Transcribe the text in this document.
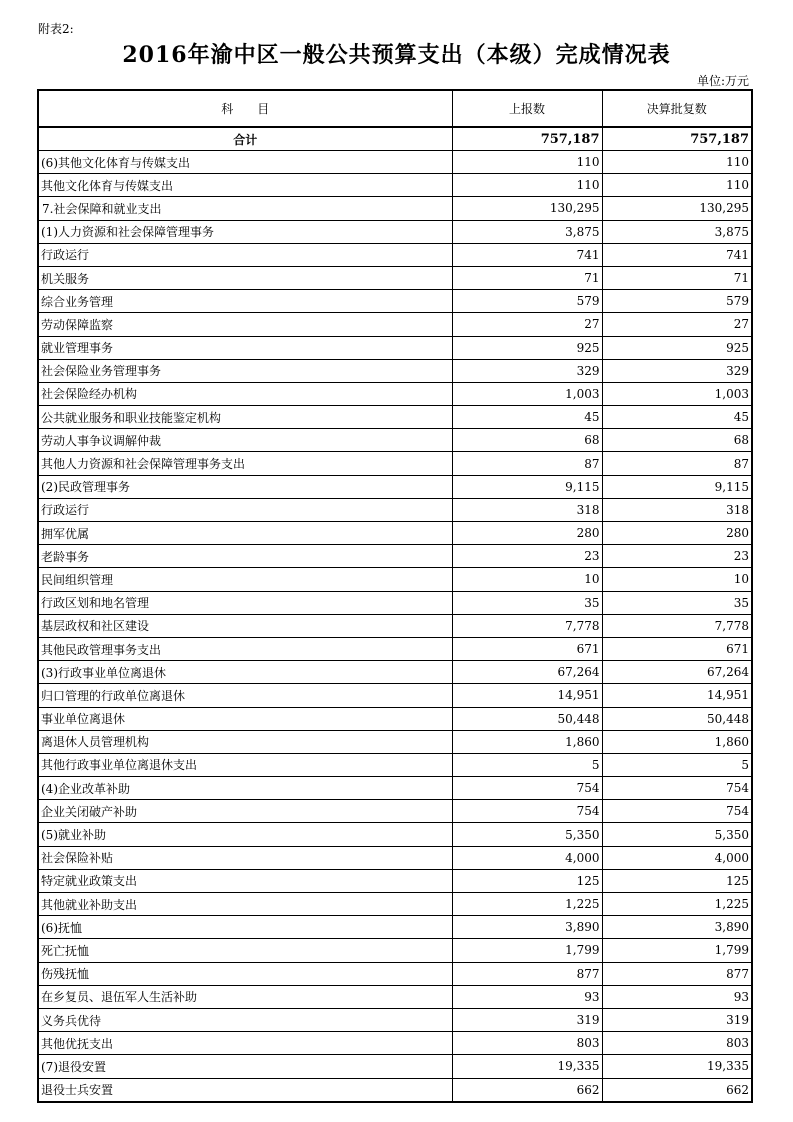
附表2:
2016年渝中区一般公共预算支出（本级）完成情况表
单位:万元
科　　目	上报数	决算批复数
合计	757,187	757,187
(6)其他文化体育与传媒支出	110	110
其他文化体育与传媒支出	110	110
7.社会保障和就业支出	130,295	130,295
(1)人力资源和社会保障管理事务	3,875	3,875
行政运行	741	741
机关服务	71	71
综合业务管理	579	579
劳动保障监察	27	27
就业管理事务	925	925
社会保险业务管理事务	329	329
社会保险经办机构	1,003	1,003
公共就业服务和职业技能鉴定机构	45	45
劳动人事争议调解仲裁	68	68
其他人力资源和社会保障管理事务支出	87	87
(2)民政管理事务	9,115	9,115
行政运行	318	318
拥军优属	280	280
老龄事务	23	23
民间组织管理	10	10
行政区划和地名管理	35	35
基层政权和社区建设	7,778	7,778
其他民政管理事务支出	671	671
(3)行政事业单位离退休	67,264	67,264
归口管理的行政单位离退休	14,951	14,951
事业单位离退休	50,448	50,448
离退休人员管理机构	1,860	1,860
其他行政事业单位离退休支出	5	5
(4)企业改革补助	754	754
企业关闭破产补助	754	754
(5)就业补助	5,350	5,350
社会保险补贴	4,000	4,000
特定就业政策支出	125	125
其他就业补助支出	1,225	1,225
(6)抚恤	3,890	3,890
死亡抚恤	1,799	1,799
伤残抚恤	877	877
在乡复员、退伍军人生活补助	93	93
义务兵优待	319	319
其他优抚支出	803	803
(7)退役安置	19,335	19,335
退役士兵安置	662	662
